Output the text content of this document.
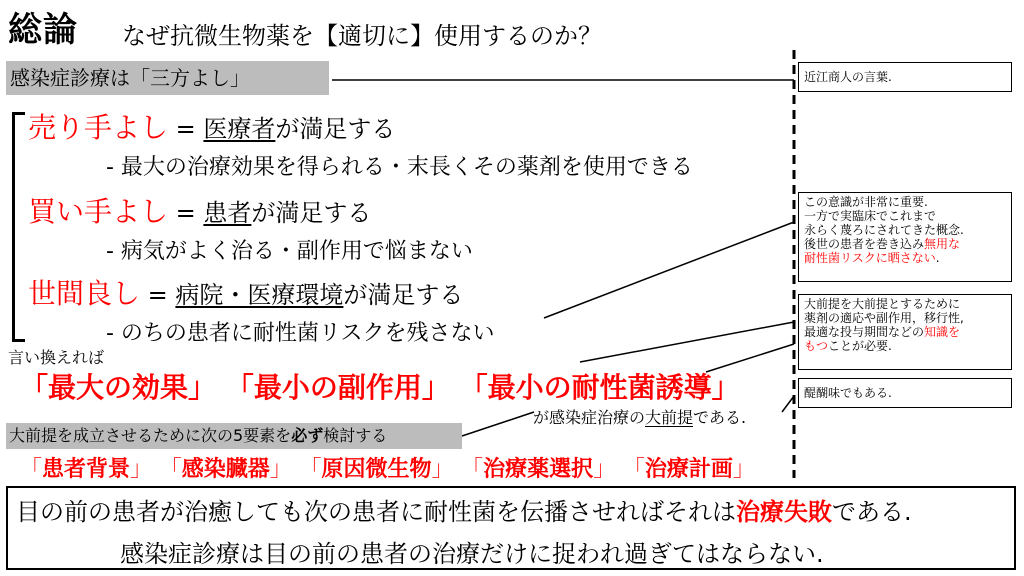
総論 なぜ抗微生物薬を【適切に】使用するのか？
感染症診療は「三方よし」	近江商人の言葉.
この意識が非常に重要.
一方で実臨床でこれまで
永らく蔑ろにされてきた概念.
後世の患者を巻き込み無用な
耐性菌リスクに晒さない.
大前提を大前提とするために
薬剤の適応や副作用，移行性,
最適な投与期間などの知識を
もつことが必要.
醍醐味でもある.
売り手よし = 医療者が満足する
- 最大の治療効果を得られる・末長くその薬剤を使用できる
買い手よし = 患者が満足する
- 病気がよく治る・副作用で悩まない
世間良し = 病院・医療環境が満足する
- のちの患者に耐性菌リスクを残さない
言い換えれば
「最大の効果」 「最小の副作用」 「最小の耐性菌誘導」
が感染症治療の大前提である.
大前提を成立させるために次の5要素を必ず検討する
「患者背景」 「感染臓器」 「原因微生物」 「治療薬選択」 「治療計画」
目の前の患者が治癒しても次の患者に耐性菌を伝播させればそれは治療失敗である.
感染症診療は目の前の患者の治療だけに捉われ過ぎてはならない.
